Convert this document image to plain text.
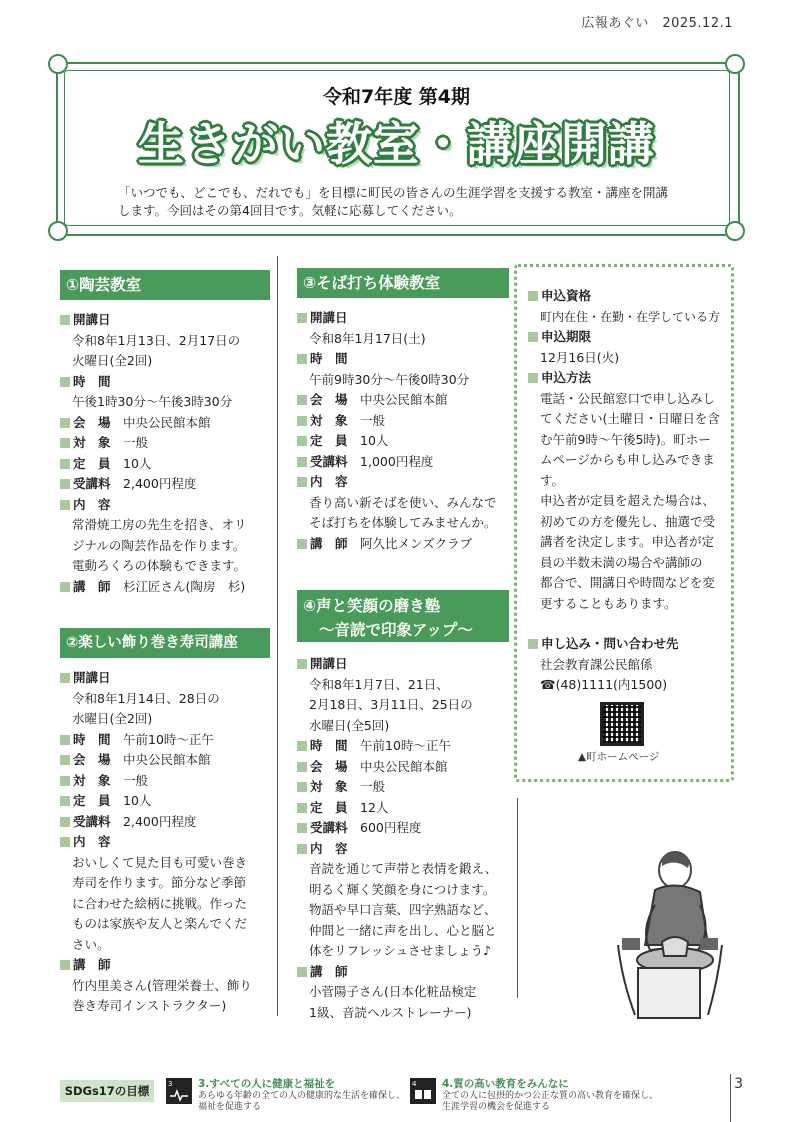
広報あぐい　2025.12.1
令和7年度 第4期
生きがい教室・講座開講
「いつでも、どこでも、だれでも」を目標に町民の皆さんの生涯学習を支援する教室・講座を開講
します。今回はその第4回目です。気軽に応募してください。
①陶芸教室
開講日
令和8年1月13日、2月17日の
火曜日(全2回)
時　間
午後1時30分～午後3時30分
会　場　 中央公民館本館
対　象　 一般
定　員　 10人
受講料　 2,400円程度
内　容
常滑焼工房の先生を招き、オリ
ジナルの陶芸作品を作ります。
電動ろくろの体験もできます。
講　師　 杉江匠さん(陶房　杉)
②楽しい飾り巻き寿司講座
開講日
令和8年1月14日、28日の
水曜日(全2回)
時　間　 午前10時～正午
会　場　 中央公民館本館
対　象　 一般
定　員　 10人
受講料　 2,400円程度
内　容
おいしくて見た目も可愛い巻き
寿司を作ります。節分など季節
に合わせた絵柄に挑戦。作った
ものは家族や友人と楽んでくだ
さい。
講　師
竹内里美さん(管理栄養士、飾り
巻き寿司インストラクター)
③そば打ち体験教室
開講日
令和8年1月17日(土)
時　間
午前9時30分～午後0時30分
会　場　 中央公民館本館
対　象　 一般
定　員　 10人
受講料　 1,000円程度
内　容
香り高い新そばを使い、みんなで
そば打ちを体験してみませんか。
講　師　 阿久比メンズクラブ
④声と笑顔の磨き塾
～音読で印象アップ～
開講日
令和8年1月7日、21日、
2月18日、3月11日、25日の
水曜日(全5回)
時　間　 午前10時～正午
会　場　 中央公民館本館
対　象　 一般
定　員　 12人
受講料　 600円程度
内　容
音読を通じて声帯と表情を鍛え、
明るく輝く笑顔を身につけます。
物語や早口言葉、四字熟語など、
仲間と一緒に声を出し、心と脳と
体をリフレッシュさせましょう♪
講　師
小菅陽子さん(日本化粧品検定
1級、音読ヘルストレーナー)
申込資格
町内在住・在勤・在学している方
申込期限
12月16日(火)
申込方法
電話・公民館窓口で申し込みし
てください(土曜日・日曜日を含
む午前9時～午後5時)。町ホー
ムページからも申し込みできま
す。
申込者が定員を超えた場合は、
初めての方を優先し、抽選で受
講者を決定します。申込者が定
員の半数未満の場合や講師の
都合で、開講日や時間などを変
更することもあります。
申し込み・問い合わせ先
社会教育課公民館係
☎(48)1111(内1500)
▲町ホームページ
SDGs17の目標	3 3.すべての人に健康と福祉を
あらゆる年齢の全ての人の健康的な生活を確保し、
福祉を促進する
4 4.質の高い教育をみんなに
全ての人に包摂的かつ公正な質の高い教育を確保し、
生涯学習の機会を促進する
3
